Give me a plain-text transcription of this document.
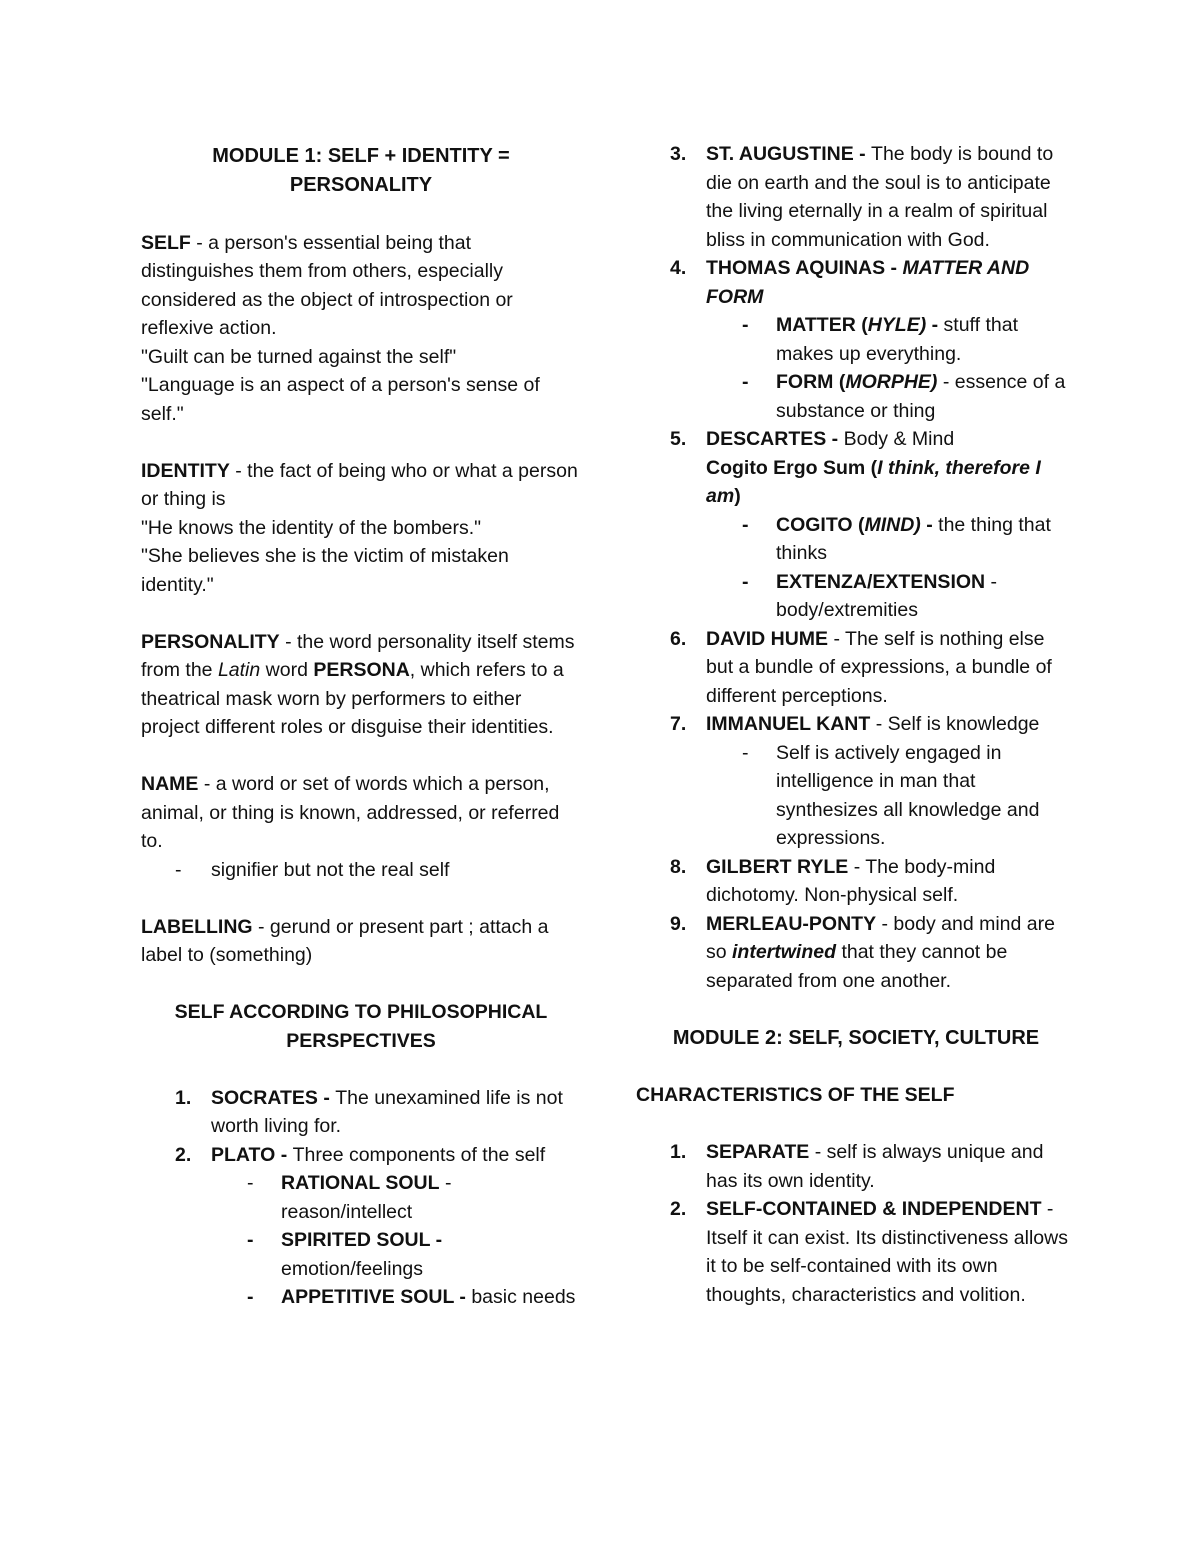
MODULE 1: SELF + IDENTITY =
PERSONALITY

SELF - a person's essential being that distinguishes them from others, especially considered as the object of introspection or reflexive action.

"Guilt can be turned against the self"

"Language is an aspect of a person's sense of self."

IDENTITY - the fact of being who or what a person or thing is

"He knows the identity of the bombers."

"She believes she is the victim of mistaken identity."

PERSONALITY - the word personality itself stems from the Latin word PERSONA, which refers to a theatrical mask worn by performers to either project different roles or disguise their identities.

NAME - a word or set of words which a person, animal, or thing is known, addressed, or referred to.

- signifier but not the real self

LABELLING - gerund or present part ; attach a label to (something)

SELF ACCORDING TO PHILOSOPHICAL
PERSPECTIVES

1. SOCRATES - The unexamined life is not worth living for.
2. PLATO - Three components of the self
- RATIONAL SOUL - reason/intellect
- SPIRITED SOUL - emotion/feelings
- APPETITIVE SOUL - basic needs
3. ST. AUGUSTINE - The body is bound to die on earth and the soul is to anticipate the living eternally in a realm of spiritual bliss in communication with God.
4. THOMAS AQUINAS - MATTER AND FORM
- MATTER (HYLE) - stuff that makes up everything.
- FORM (MORPHE) - essence of a substance or thing
5. DESCARTES - Body & Mind
Cogito Ergo Sum (I think, therefore I am)
- COGITO (MIND) - the thing that thinks
- EXTENZA/EXTENSION - body/extremities
6. DAVID HUME - The self is nothing else but a bundle of expressions, a bundle of different perceptions.
7. IMMANUEL KANT - Self is knowledge
- Self is actively engaged in intelligence in man that synthesizes all knowledge and expressions.
8. GILBERT RYLE - The body-mind dichotomy. Non-physical self.
9. MERLEAU-PONTY - body and mind are so intertwined that they cannot be separated from one another.

MODULE 2: SELF, SOCIETY, CULTURE

CHARACTERISTICS OF THE SELF

1. SEPARATE - self is always unique and has its own identity.
2. SELF-CONTAINED & INDEPENDENT - Itself it can exist. Its distinctiveness allows it to be self-contained with its own thoughts, characteristics and volition.
